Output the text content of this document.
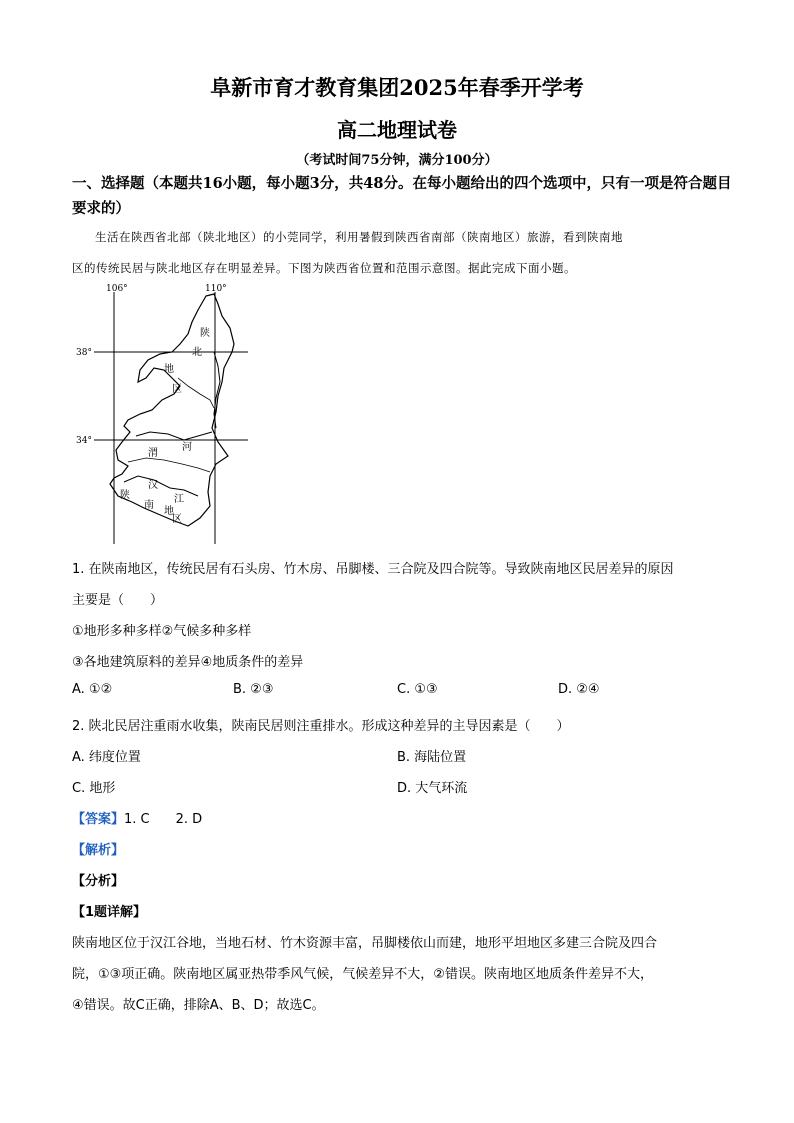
阜新市育才教育集团2025年春季开学考
高二地理试卷
（考试时间75分钟，满分100分）
一、选择题（本题共16小题，每小题3分，共48分。在每小题给出的四个选项中，只有一项是符合题目要求的）

生活在陕西省北部（陕北地区）的小莞同学，利用暑假到陕西省南部（陕南地区）旅游，看到陕南地

区的传统民居与陕北地区存在明显差异。下图为陕西省位置和范围示意图。据此完成下面小题。

106°	110°
38°
34°
陕
北
地
区
渭
河
陕
汉
南
江
地
区
1. 在陕南地区，传统民居有石头房、竹木房、吊脚楼、三合院及四合院等。导致陕南地区民居差异的原因
主要是（　　）
①地形多种多样②气候多种多样
③各地建筑原料的差异④地质条件的差异
A. ①②	B. ②③	C. ①③	D. ②④
2. 陕北民居注重雨水收集，陕南民居则注重排水。形成这种差异的主导因素是（　　）
A. 纬度位置	B. 海陆位置
C. 地形	D. 大气环流
【答案】1. C　　2. D
【解析】
【分析】
【1题详解】
陕南地区位于汉江谷地，当地石材、竹木资源丰富，吊脚楼依山而建，地形平坦地区多建三合院及四合
院，①③项正确。陕南地区属亚热带季风气候，气候差异不大，②错误。陕南地区地质条件差异不大，
④错误。故C正确，排除A、B、D；故选C。
